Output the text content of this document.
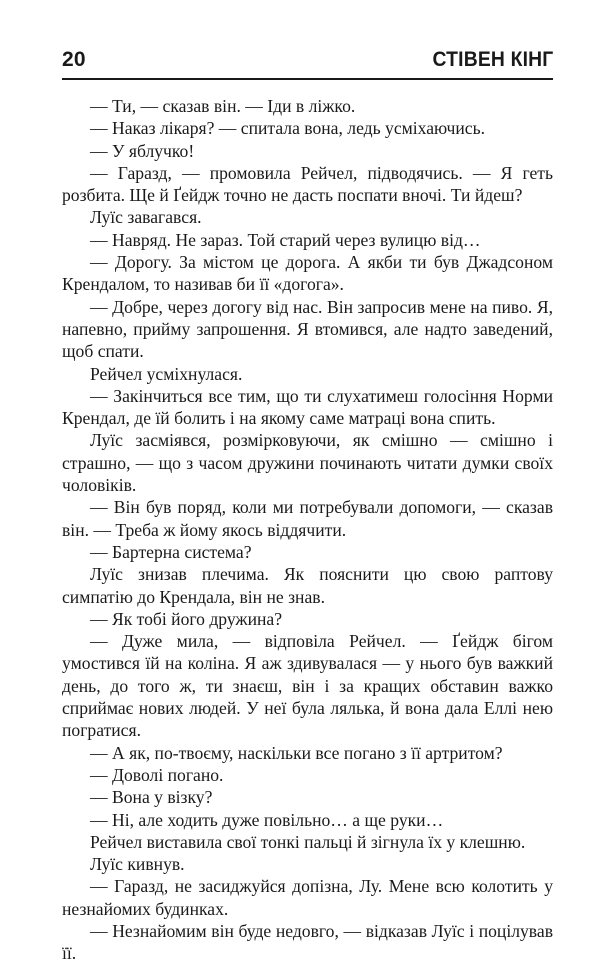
20	СТІВЕН КІНГ

— Ти, — сказав він. — Іди в ліжко.

— Наказ лікаря? — спитала вона, ледь усміхаючись.

— У яблучко!

— Гаразд, — промовила Рейчел, підводячись. — Я геть розбита. Ще й Ґейдж точно не дасть поспати вночі. Ти йдеш?

Луїс завагався.

— Навряд. Не зараз. Той старий через вулицю від…

— Дорогу. За містом це дорога. А якби ти був Джадсоном Крендалом, то називав би її «догога».

— Добре, через догогу від нас. Він запросив мене на пиво. Я, напевно, прийму запрошення. Я втомився, але надто заведений, щоб спати.

Рейчел усміхнулася.

— Закінчиться все тим, що ти слухатимеш голосіння Норми Крендал, де їй болить і на якому саме матраці вона спить.

Луїс засміявся, розмірковуючи, як смішно — смішно і страшно, — що з часом дружини починають читати думки своїх чоловіків.

— Він був поряд, коли ми потребували допомоги, — сказав він. — Треба ж йому якось віддячити.

— Бартерна система?

Луїс знизав плечима. Як пояснити цю свою раптову симпатію до Крендала, він не знав.

— Як тобі його дружина?

— Дуже мила, — відповіла Рейчел. — Ґейдж бігом умостився їй на коліна. Я аж здивувалася — у нього був важкий день, до того ж, ти знаєш, він і за кращих обставин важко сприймає нових людей. У неї була лялька, й вона дала Еллі нею погратися.

— А як, по-твоєму, наскільки все погано з її артритом?

— Доволі погано.

— Вона у візку?

— Ні, але ходить дуже повільно… а ще руки…

Рейчел виставила свої тонкі пальці й зігнула їх у клешню.

Луїс кивнув.

— Гаразд, не засиджуйся допізна, Лу. Мене всю колотить у незнайомих будинках.

— Незнайомим він буде недовго, — відказав Луїс і поцілував її.
